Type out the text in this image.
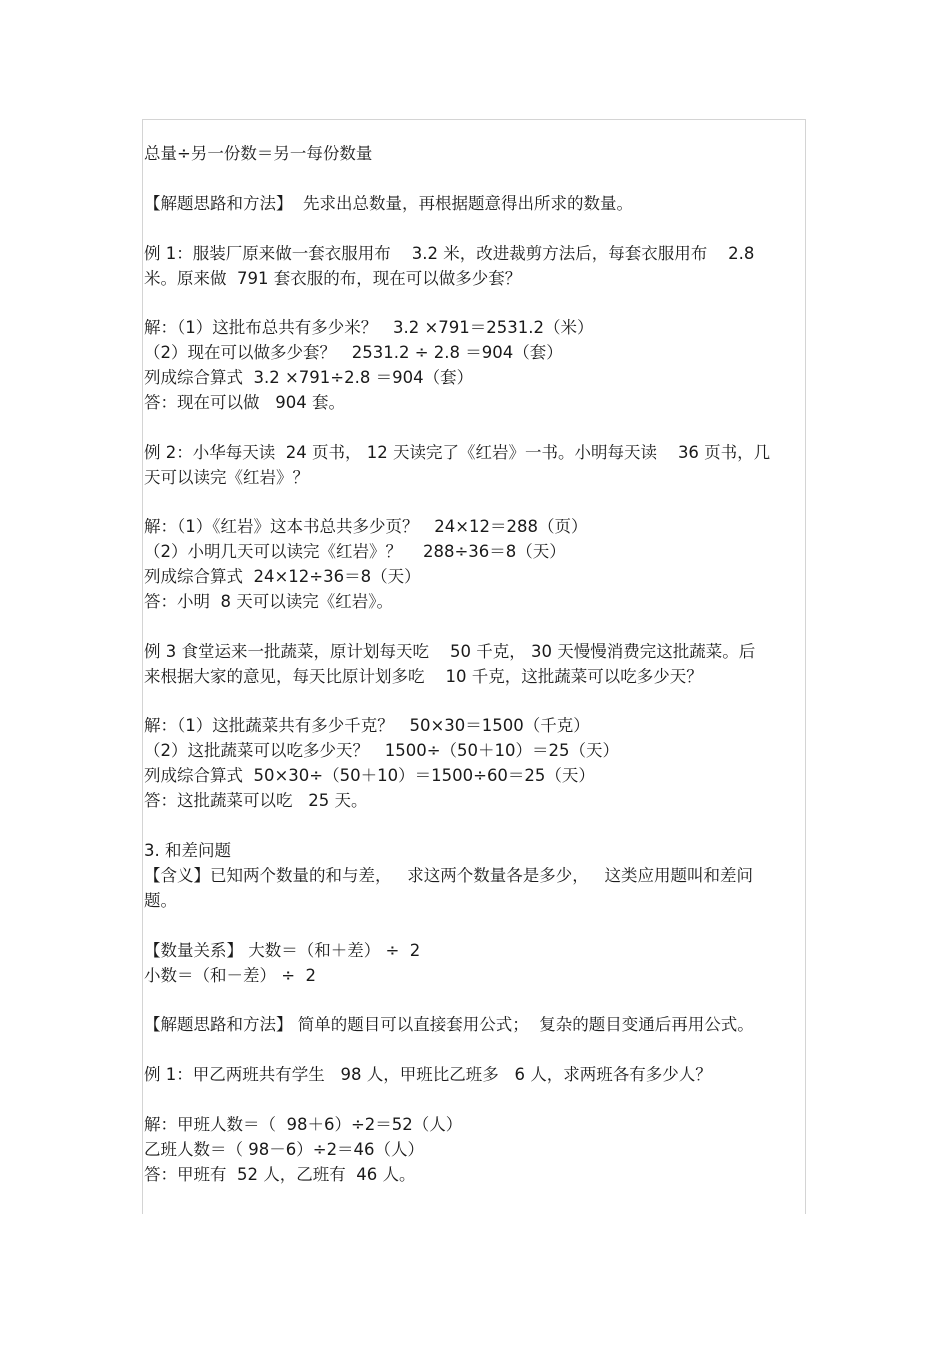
总量÷另一份数＝另一每份数量

【解题思路和方法】  先求出总数量，再根据题意得出所求的数量。

例 1：服装厂原来做一套衣服用布    3.2 米，改进裁剪方法后，每套衣服用布    2.8

米。原来做  791 套衣服的布，现在可以做多少套？

解：（1）这批布总共有多少米？   3.2 ×791＝2531.2（米）

（2）现在可以做多少套？   2531.2 ÷ 2.8 ＝904（套）

列成综合算式  3.2 ×791÷2.8 ＝904（套）

答：现在可以做   904 套。

例 2：小华每天读  24 页书， 12 天读完了《红岩》一书。小明每天读    36 页书，几

天可以读完《红岩》？

解：（1）《红岩》这本书总共多少页？   24×12＝288（页）

（2）小明几天可以读完《红岩》？    288÷36＝8（天）

列成综合算式  24×12÷36＝8（天）

答：小明  8 天可以读完《红岩》。

例 3 食堂运来一批蔬菜，原计划每天吃    50 千克， 30 天慢慢消费完这批蔬菜。后

来根据大家的意见，每天比原计划多吃    10 千克，这批蔬菜可以吃多少天？

解：（1）这批蔬菜共有多少千克？   50×30＝1500（千克）

（2）这批蔬菜可以吃多少天？   1500÷（50＋10）＝25（天）

列成综合算式  50×30÷（50＋10）＝1500÷60＝25（天）

答：这批蔬菜可以吃   25 天。

3. 和差问题

【含义】已知两个数量的和与差，   求这两个数量各是多少，   这类应用题叫和差问

题。

【数量关系】 大数＝（和＋差） ÷  2

小数＝（和－差） ÷  2

【解题思路和方法】 简单的题目可以直接套用公式；  复杂的题目变通后再用公式。

例 1：甲乙两班共有学生   98 人，甲班比乙班多   6 人，求两班各有多少人？

解：甲班人数＝（  98＋6）÷2＝52（人）

乙班人数＝（ 98－6）÷2＝46（人）

答：甲班有  52 人，乙班有  46 人。
